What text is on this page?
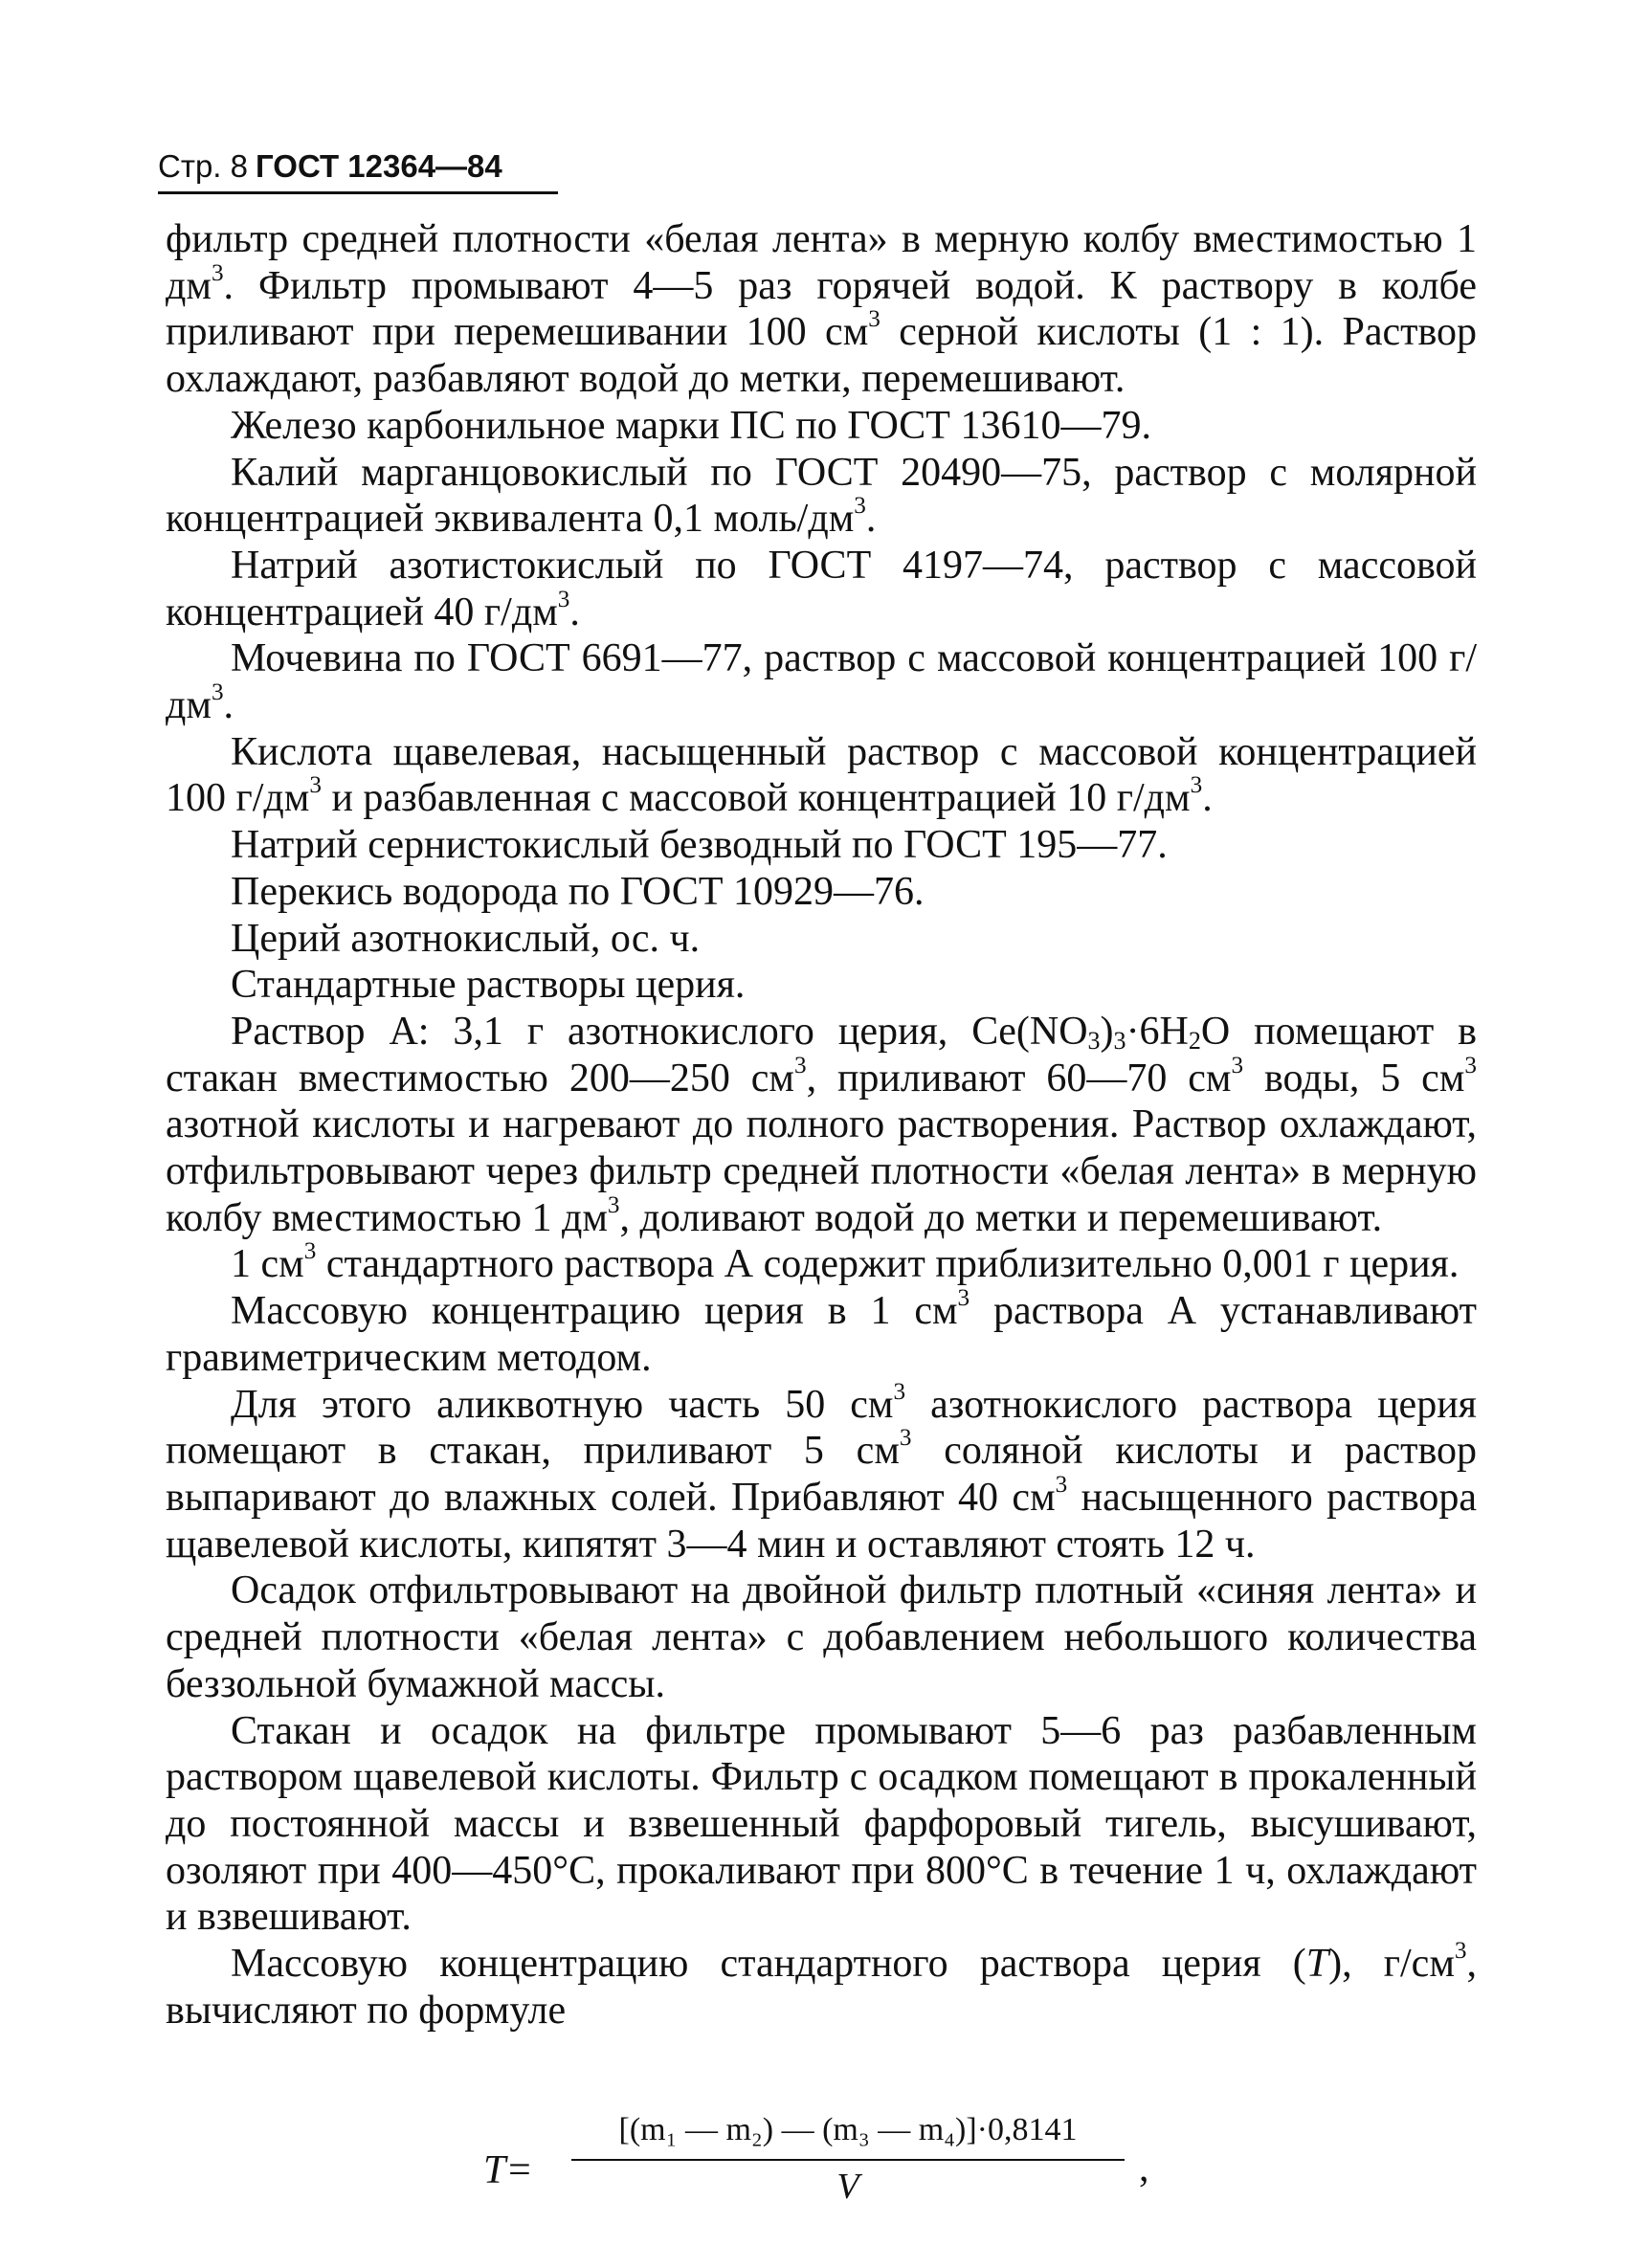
Стр. 8 ГОСТ 12364—84

фильтр средней плотности «белая лента» в мерную колбу вместимостью 1 $дм^3$. Фильтр промывают 4—5 раз горячей водой. К раствору в колбе приливают при перемешивании 100 $см^3$ серной кислоты (1 : 1). Раствор охлаждают, разбавляют водой до метки, перемешивают.

Железо карбонильное марки ПС по ГОСТ 13610—79.

Калий марганцовокислый по ГОСТ 20490—75, раствор с молярной концентрацией эквивалента 0,1 моль/$дм^3$.

Натрий азотистокислый по ГОСТ 4197—74, раствор с массовой концентрацией 40 $г/дм^3$.

Мочевина по ГОСТ 6691—77, раствор с массовой концентрацией 100 $г/дм^3$.

Кислота щавелевая, насыщенный раствор с массовой концентрацией 100 $г/дм^3$ и разбавленная с массовой концентрацией 10 $г/дм^3$.

Натрий сернистокислый безводный по ГОСТ 195—77.

Перекись водорода по ГОСТ 10929—76.

Церий азотнокислый, ос. ч.

Стандартные растворы церия.

Раствор А: 3,1 г азотнокислого церия, $Ce(NO_3)_3\cdot 6H_2O$ помещают в стакан вместимостью 200—250 $см^3$, приливают 60—70 $см^3$ воды, 5 $см^3$ азотной кислоты и нагревают до полного растворения. Раствор охлаждают, отфильтровывают через фильтр средней плотности «белая лента» в мерную колбу вместимостью 1 $дм^3$, доливают водой до метки и перемешивают.

1 $см^3$ стандартного раствора А содержит приблизительно 0,001 г церия.

Массовую концентрацию церия в 1 $см^3$ раствора А устанавливают гравиметрическим методом.

Для этого аликвотную часть 50 $см^3$ азотнокислого раствора церия помещают в стакан, приливают 5 $см^3$ соляной кислоты и раствор выпаривают до влажных солей. Прибавляют 40 $см^3$ насыщенного раствора щавелевой кислоты, кипятят 3—4 мин и оставляют стоять 12 ч.

Осадок отфильтровывают на двойной фильтр плотный «синяя лента» и средней плотности «белая лента» с добавлением небольшого количества беззольной бумажной массы.

Стакан и осадок на фильтре промывают 5—6 раз разбавленным раствором щавелевой кислоты. Фильтр с осадком помещают в прокаленный до постоянной массы и взвешенный фарфоровый тигель, высушивают, озоляют при 400—450°С, прокаливают при 800°С в течение 1 ч, охлаждают и взвешивают.

Массовую концентрацию стандартного раствора церия (Т), $г/см^3$, вычисляют по формуле

$T= \frac{\text{[(m₁ — m₂) — (m₃ — m₄)]·0,8141}}{V}$ ,
